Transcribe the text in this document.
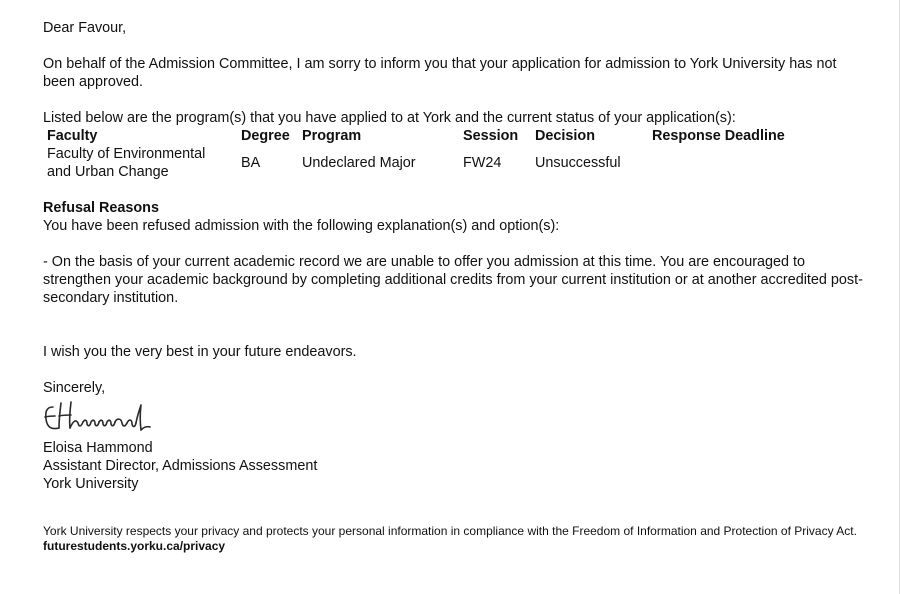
Dear Favour,

On behalf of the Admission Committee, I am sorry to inform you that your application for admission to York University has not been approved.

Listed below are the program(s) that you have applied to at York and the current status of your application(s):

Faculty	Degree	Program	Session	Decision	Response Deadline
Faculty of Environmental and Urban Change	BA	Undeclared Major	FW24	Unsuccessful	

Refusal Reasons

You have been refused admission with the following explanation(s) and option(s):

- On the basis of your current academic record we are unable to offer you admission at this time. You are encouraged to strengthen your academic background by completing additional credits from your current institution or at another accredited post-secondary institution.

I wish you the very best in your future endeavors.

Sincerely,

Eloisa Hammond

Assistant Director, Admissions Assessment

York University

York University respects your privacy and protects your personal information in compliance with the Freedom of Information and Protection of Privacy Act. futurestudents.yorku.ca/privacy
